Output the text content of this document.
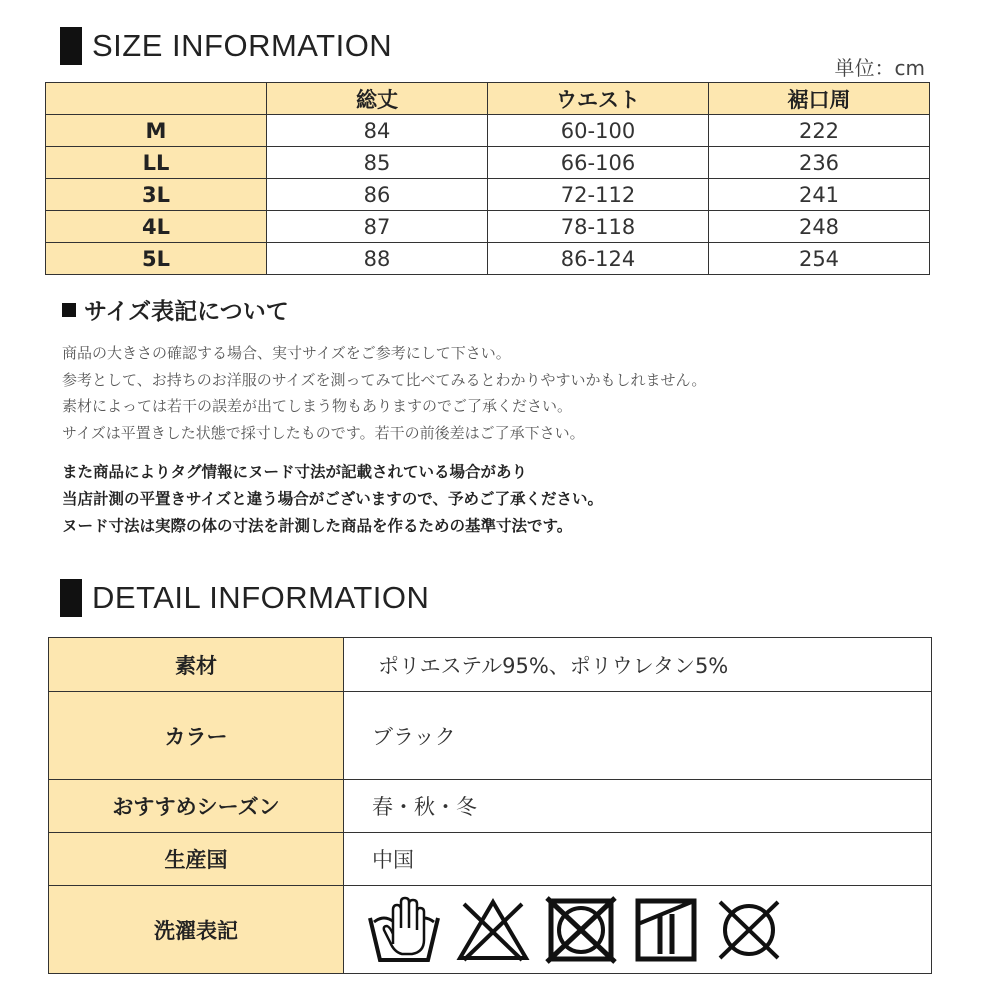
SIZE INFORMATION
単位：cm
	総丈	ウエスト	裾口周
M	84	60-100	222
LL	85	66-106	236
3L	86	72-112	241
4L	87	78-118	248
5L	88	86-124	254
サイズ表記について
商品の大きさの確認する場合、実寸サイズをご参考にして下さい。
参考として、お持ちのお洋服のサイズを測ってみて比べてみるとわかりやすいかもしれません。
素材によっては若干の誤差が出てしまう物もありますのでご了承ください。
サイズは平置きした状態で採寸したものです。若干の前後差はご了承下さい。
また商品によりタグ情報にヌード寸法が記載されている場合があり
当店計測の平置きサイズと違う場合がございますので、予めご了承ください。
ヌード寸法は実際の体の寸法を計測した商品を作るための基準寸法です。
DETAIL INFORMATION
素材	ポリエステル95%、ポリウレタン5%
カラー	ブラック
おすすめシーズン	春・秋・冬
生産国	中国
洗濯表記	
